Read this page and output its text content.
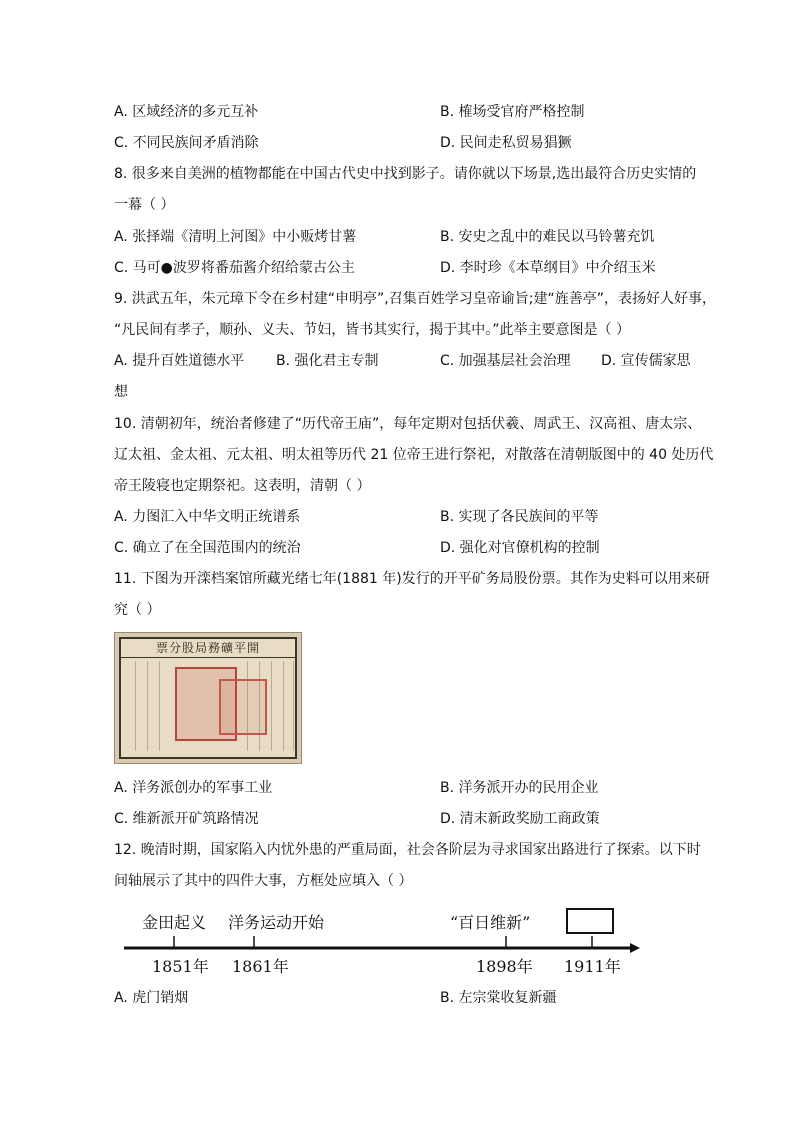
A. 区域经济的多元互补	B. 榷场受官府严格控制
C. 不同民族间矛盾消除	D. 民间走私贸易猖獗
8. 很多来自美洲的植物都能在中国古代史中找到影子。请你就以下场景,选出最符合历史实情的
一幕（ ）
A. 张择端《清明上河图》中小贩烤甘薯	B. 安史之乱中的难民以马铃薯充饥
C. 马可●波罗将番茄酱介绍给蒙古公主	D. 李时珍《本草纲目》中介绍玉米
9. 洪武五年，朱元璋下令在乡村建“申明亭”,召集百姓学习皇帝谕旨;建“旌善亭”，表扬好人好事，
“凡民间有孝子，顺孙、义夫、节妇，皆书其实行，揭于其中。”此举主要意图是（ ）
A. 提升百姓道德水平 B. 强化君主专制	C. 加强基层社会治理 D. 宣传儒家思
想
10. 清朝初年，统治者修建了“历代帝王庙”，每年定期对包括伏羲、周武王、汉高祖、唐太宗、
辽太祖、金太祖、元太祖、明太祖等历代 21 位帝王进行祭祀，对散落在清朝版图中的 40 处历代
帝王陵寝也定期祭祀。这表明，清朝（ ）
A. 力图汇入中华文明正统谱系	B. 实现了各民族间的平等
C. 确立了在全国范围内的统治	D. 强化对官僚机构的控制
11. 下图为开滦档案馆所藏光绪七年(1881 年)发行的开平矿务局股份票。其作为史料可以用来研
究（ ）
票分股局務礦平開
A. 洋务派创办的军事工业	B. 洋务派开办的民用企业
C. 维新派开矿筑路情况	D. 清末新政奖励工商政策
12. 晚清时期，国家陷入内忧外患的严重局面，社会各阶层为寻求国家出路进行了探索。以下时
间轴展示了其中的四件大事，方框处应填入（ ）
金田起义 洋务运动开始	“百日维新”
1851年 1861年	1898年 1911年
A. 虎门销烟	B. 左宗棠收复新疆
